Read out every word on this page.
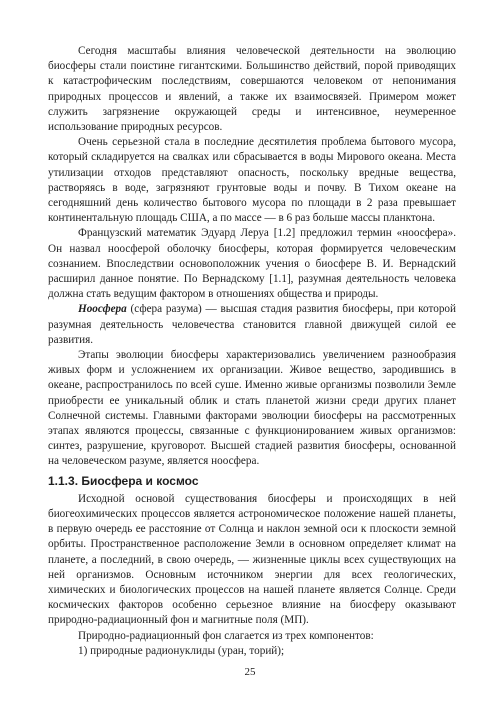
Сегодня масштабы влияния человеческой деятельности на эволюцию биосферы стали поистине гигантскими. Большинство действий, порой приводящих к катастрофическим последствиям, совершаются человеком от непонимания природных процессов и явлений, а также их взаимосвязей. Примером может служить загрязнение окружающей среды и интенсивное, неумеренное использование природных ресурсов.

Очень серьезной стала в последние десятилетия проблема бытового мусора, который складируется на свалках или сбрасывается в воды Мирового океана. Места утилизации отходов представляют опасность, поскольку вредные вещества, растворяясь в воде, загрязняют грунтовые воды и почву. В Тихом океане на сегодняшний день количество бытового мусора по площади в 2 раза превышает континентальную площадь США, а по массе — в 6 раз больше массы планктона.

Французский математик Эдуард Леруа [1.2] предложил термин «ноосфера». Он назвал ноосферой оболочку биосферы, которая формируется человеческим сознанием. Впоследствии основоположник учения о биосфере В. И. Вернадский расширил данное понятие. По Вернадскому [1.1], разумная деятельность человека должна стать ведущим фактором в отношениях общества и природы.

Ноосфера (сфера разума) — высшая стадия развития биосферы, при которой разумная деятельность человечества становится главной движущей силой ее развития.

Этапы эволюции биосферы характеризовались увеличением разнообразия живых форм и усложнением их организации. Живое вещество, зародившись в океане, распространилось по всей суше. Именно живые организмы позволили Земле приобрести ее уникальный облик и стать планетой жизни среди других планет Солнечной системы. Главными факторами эволюции биосферы на рассмотренных этапах являются процессы, связанные с функционированием живых организмов: синтез, разрушение, круговорот. Высшей стадией развития биосферы, основанной на человеческом разуме, является ноосфера.

1.1.3. Биосфера и космос

Исходной основой существования биосферы и происходящих в ней биогеохимических процессов является астрономическое положение нашей планеты, в первую очередь ее расстояние от Солнца и наклон земной оси к плоскости земной орбиты. Пространственное расположение Земли в основном определяет климат на планете, а последний, в свою очередь, — жизненные циклы всех существующих на ней организмов. Основным источником энергии для всех геологических, химических и биологических процессов на нашей планете является Солнце. Среди космических факторов особенно серьезное влияние на биосферу оказывают природно-радиационный фон и магнитные поля (МП).

Природно-радиационный фон слагается из трех компонентов:

1) природные радионуклиды (уран, торий);

25
